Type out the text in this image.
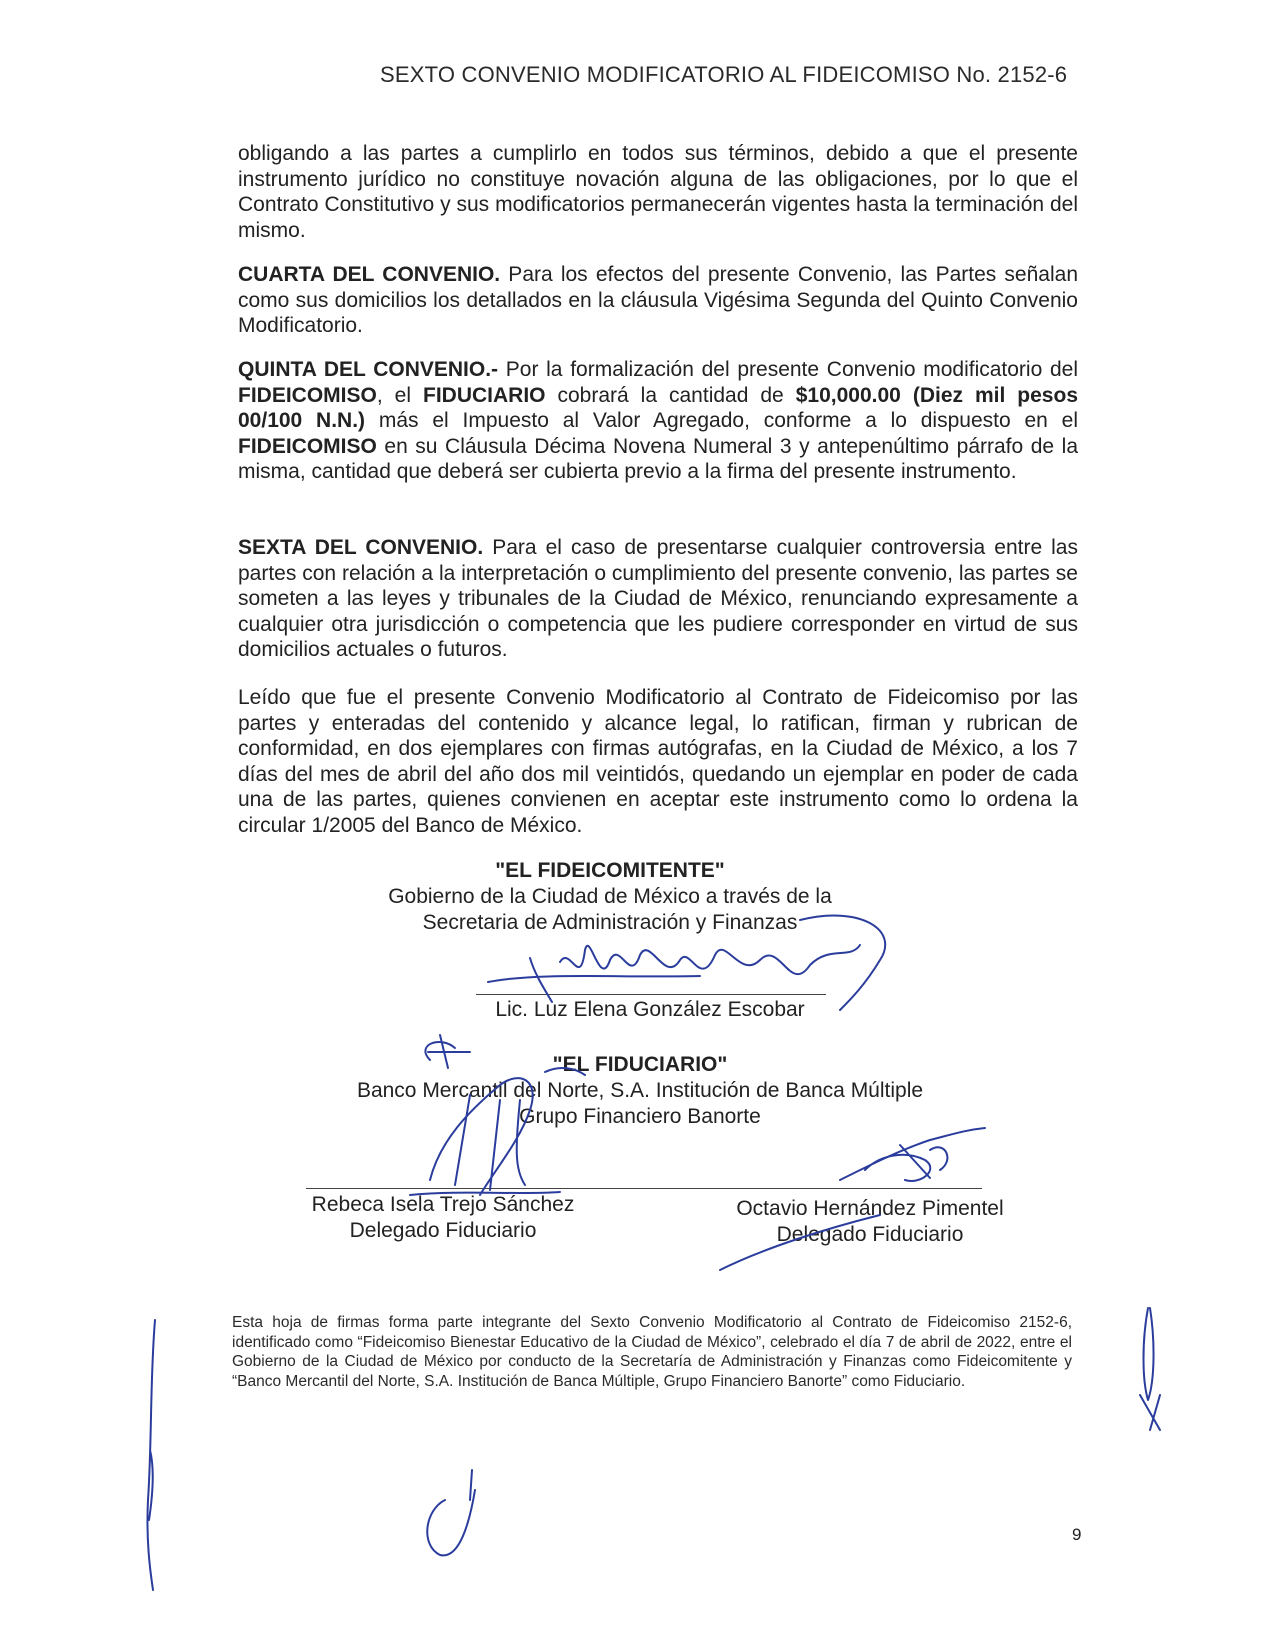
SEXTO CONVENIO MODIFICATORIO AL FIDEICOMISO No. 2152-6

obligando a las partes a cumplirlo en todos sus términos, debido a que el presente instrumento jurídico no constituye novación alguna de las obligaciones, por lo que el Contrato Constitutivo y sus modificatorios permanecerán vigentes hasta la terminación del mismo.

CUARTA DEL CONVENIO. Para los efectos del presente Convenio, las Partes señalan como sus domicilios los detallados en la cláusula Vigésima Segunda del Quinto Convenio Modificatorio.

QUINTA DEL CONVENIO.- Por la formalización del presente Convenio modificatorio del FIDEICOMISO, el FIDUCIARIO cobrará la cantidad de $10,000.00 (Diez mil pesos 00/100 N.N.) más el Impuesto al Valor Agregado, conforme a lo dispuesto en el FIDEICOMISO en su Cláusula Décima Novena Numeral 3 y antepenúltimo párrafo de la misma, cantidad que deberá ser cubierta previo a la firma del presente instrumento.

SEXTA DEL CONVENIO. Para el caso de presentarse cualquier controversia entre las partes con relación a la interpretación o cumplimiento del presente convenio, las partes se someten a las leyes y tribunales de la Ciudad de México, renunciando expresamente a cualquier otra jurisdicción o competencia que les pudiere corresponder en virtud de sus domicilios actuales o futuros.

Leído que fue el presente Convenio Modificatorio al Contrato de Fideicomiso por las partes y enteradas del contenido y alcance legal, lo ratifican, firman y rubrican de conformidad, en dos ejemplares con firmas autógrafas, en la Ciudad de México, a los 7 días del mes de abril del año dos mil veintidós, quedando un ejemplar en poder de cada una de las partes, quienes convienen en aceptar este instrumento como lo ordena la circular 1/2005 del Banco de México.

"EL FIDEICOMITENTE"
Gobierno de la Ciudad de México a través de la
Secretaria de Administración y Finanzas
Lic. Luz Elena González Escobar
"EL FIDUCIARIO"
Banco Mercantil del Norte, S.A. Institución de Banca Múltiple
Grupo Financiero Banorte
Rebeca Isela Trejo Sánchez
Delegado Fiduciario
Octavio Hernández Pimentel
Delegado Fiduciario
Esta hoja de firmas forma parte integrante del Sexto Convenio Modificatorio al Contrato de Fideicomiso 2152-6, identificado como “Fideicomiso Bienestar Educativo de la Ciudad de México”, celebrado el día 7 de abril de 2022, entre el Gobierno de la Ciudad de México por conducto de la Secretaría de Administración y Finanzas como Fideicomitente y “Banco Mercantil del Norte, S.A. Institución de Banca Múltiple, Grupo Financiero Banorte” como Fiduciario.
9
